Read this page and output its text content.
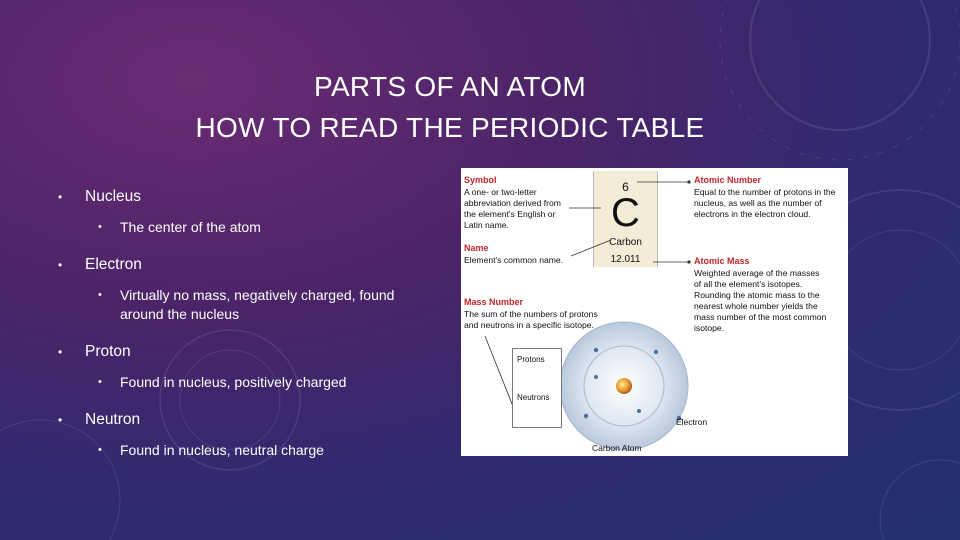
PARTS OF AN ATOM
HOW TO READ THE PERIODIC TABLE
• Nucleus
• The center of the atom
• Electron
• Virtually no mass, negatively charged, found around the nucleus
• Proton
• Found in nucleus, positively charged
• Neutron
• Found in nucleus, neutral charge
6
C
Carbon
12.011
Protons
Neutrons
Electron
Carbon Atom
Symbol
A one- or two-letter
abbreviation derived from
the element's English or
Latin name.
Name
Element's common name.
Mass Number
The sum of the numbers of protons
and neutrons in a specific isotope.
Atomic Number
Equal to the number of protons in the
nucleus, as well as the number of
electrons in the electron cloud.
Atomic Mass
Weighted average of the masses
of all the element's isotopes.
Rounding the atomic mass to the
nearest whole number yields the
mass number of the most common
isotope.
